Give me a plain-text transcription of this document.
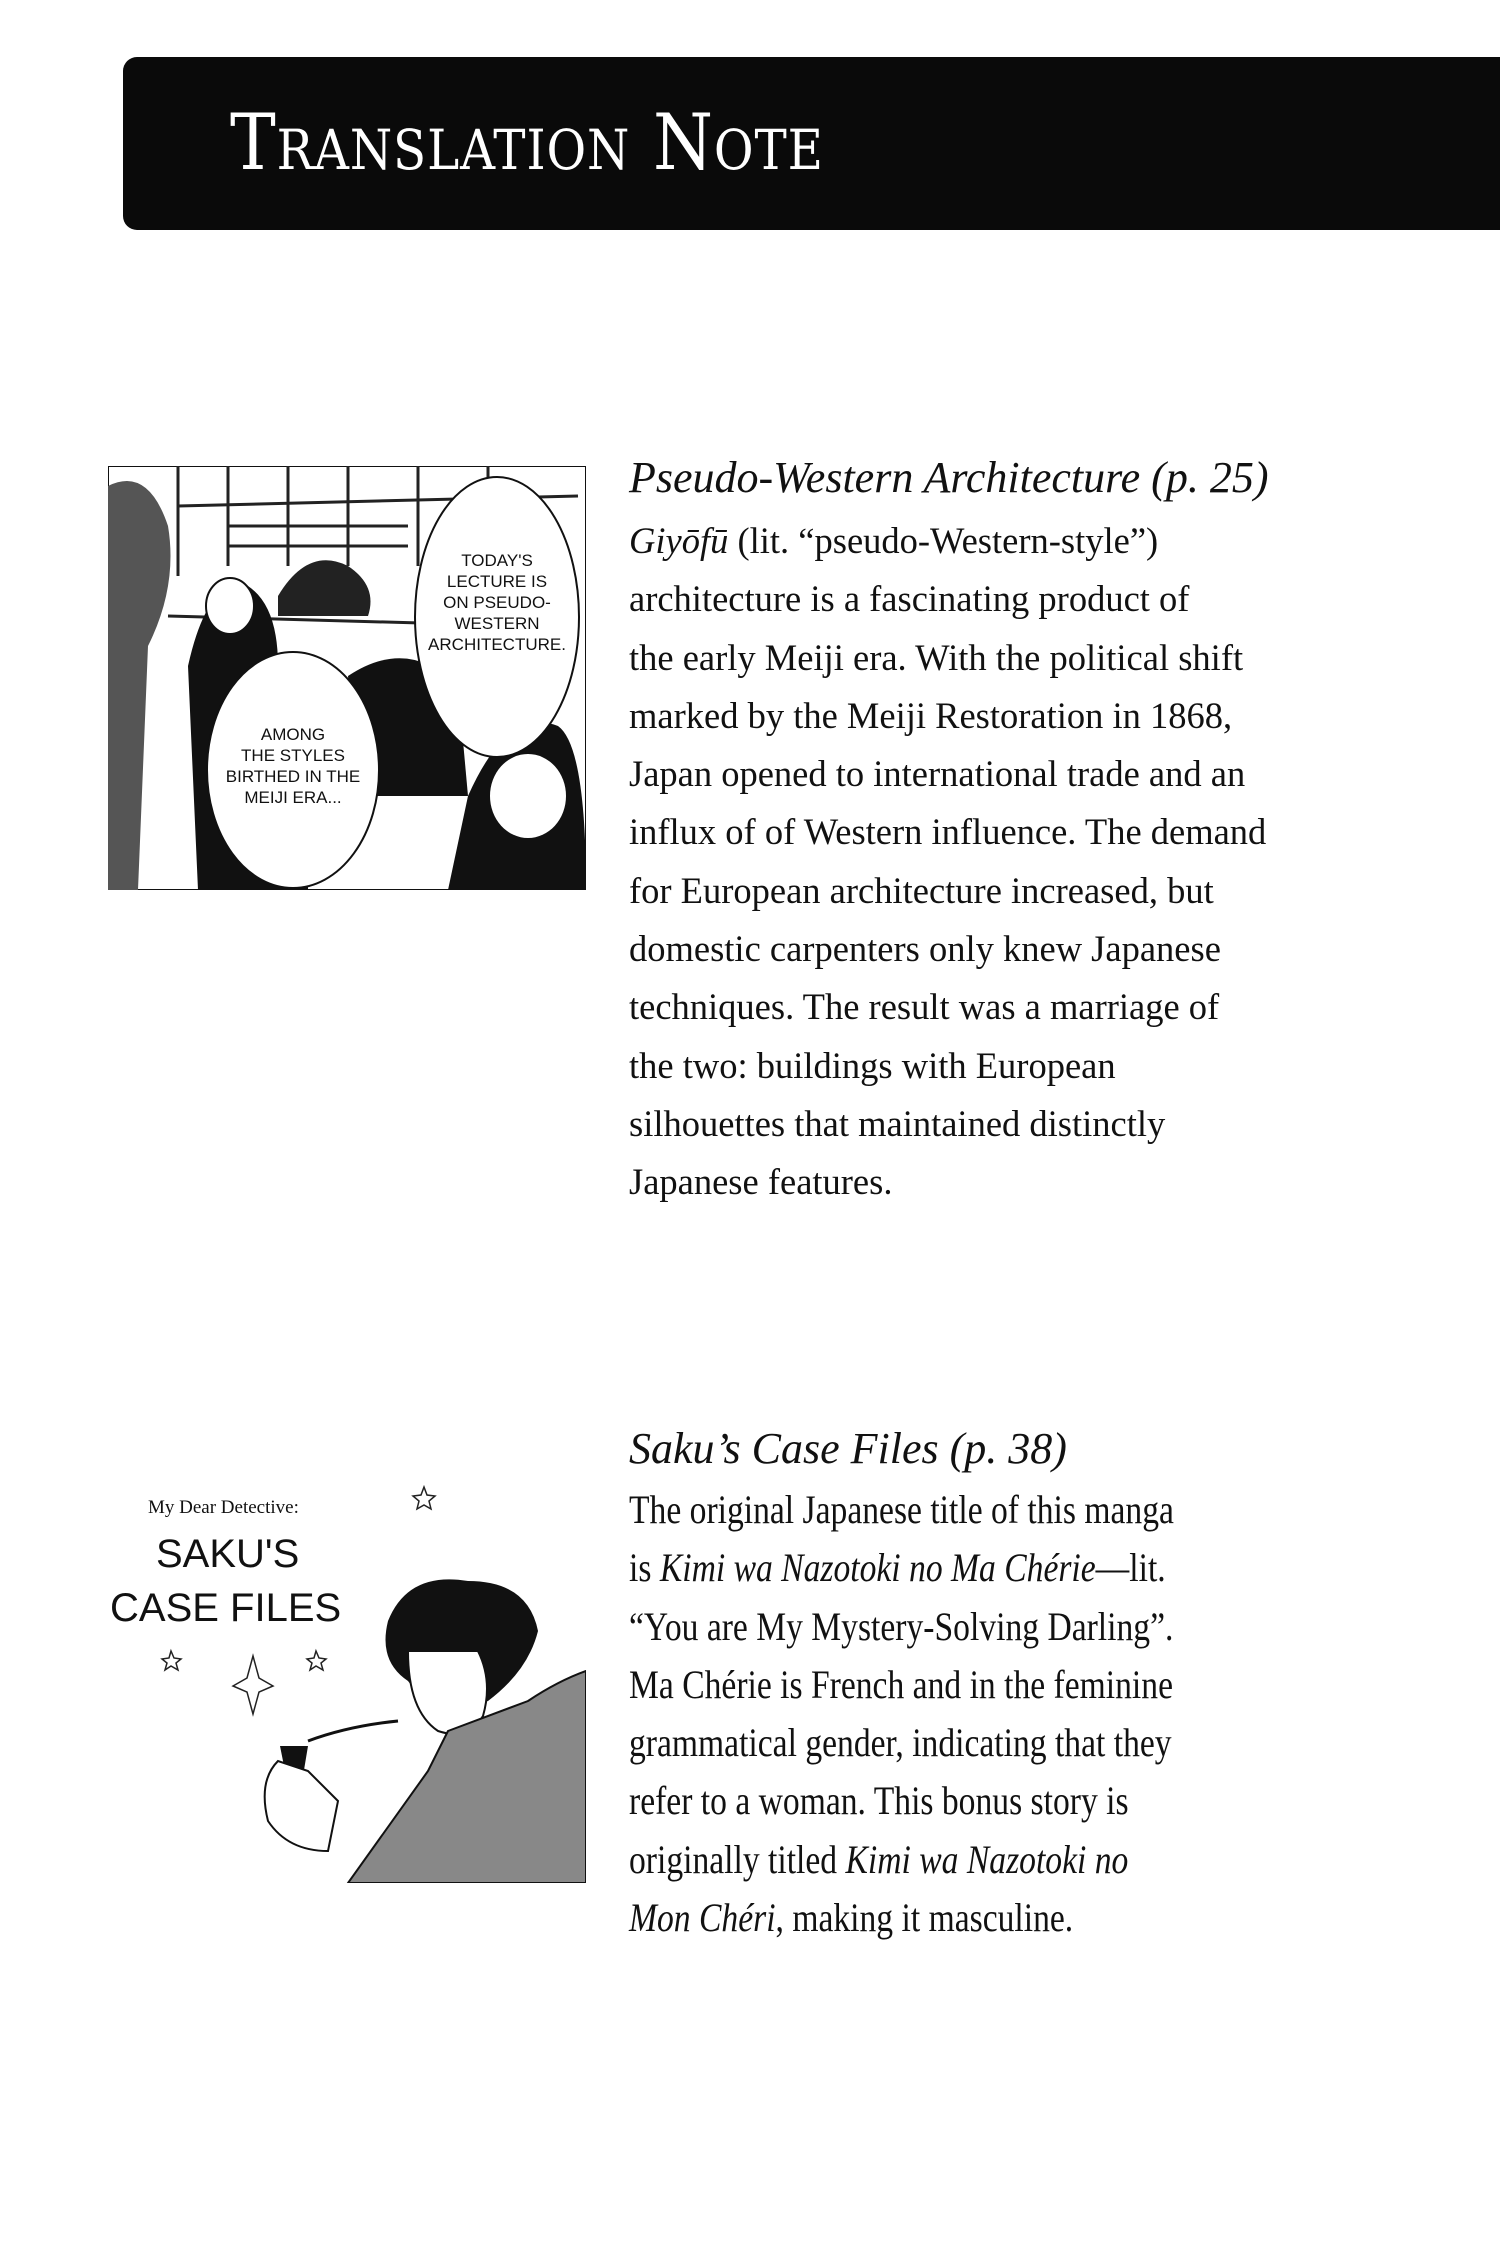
Translation Note
TODAY'S
LECTURE IS
ON PSEUDO-
WESTERN
ARCHITECTURE.
AMONG
THE STYLES
BIRTHED IN THE
MEIJI ERA...
Pseudo-Western Architecture (p. 25)
Giyōfū (lit. “pseudo-Western-style”)
architecture is a fascinating product of
the early Meiji era. With the political shift
marked by the Meiji Restoration in 1868,
Japan opened to international trade and an
influx of of Western influence. The demand
for European architecture increased, but
domestic carpenters only knew Japanese
techniques. The result was a marriage of
the two: buildings with European
silhouettes that maintained distinctly
Japanese features.
My Dear Detective:
SAKU'S
CASE FILES
Saku’s Case Files (p. 38)
The original Japanese title of this manga
is Kimi wa Nazotoki no Ma Chérie—lit.
“You are My Mystery-Solving Darling”.
Ma Chérie is French and in the feminine
grammatical gender, indicating that they
refer to a woman. This bonus story is
originally titled Kimi wa Nazotoki no
Mon Chéri, making it masculine.
